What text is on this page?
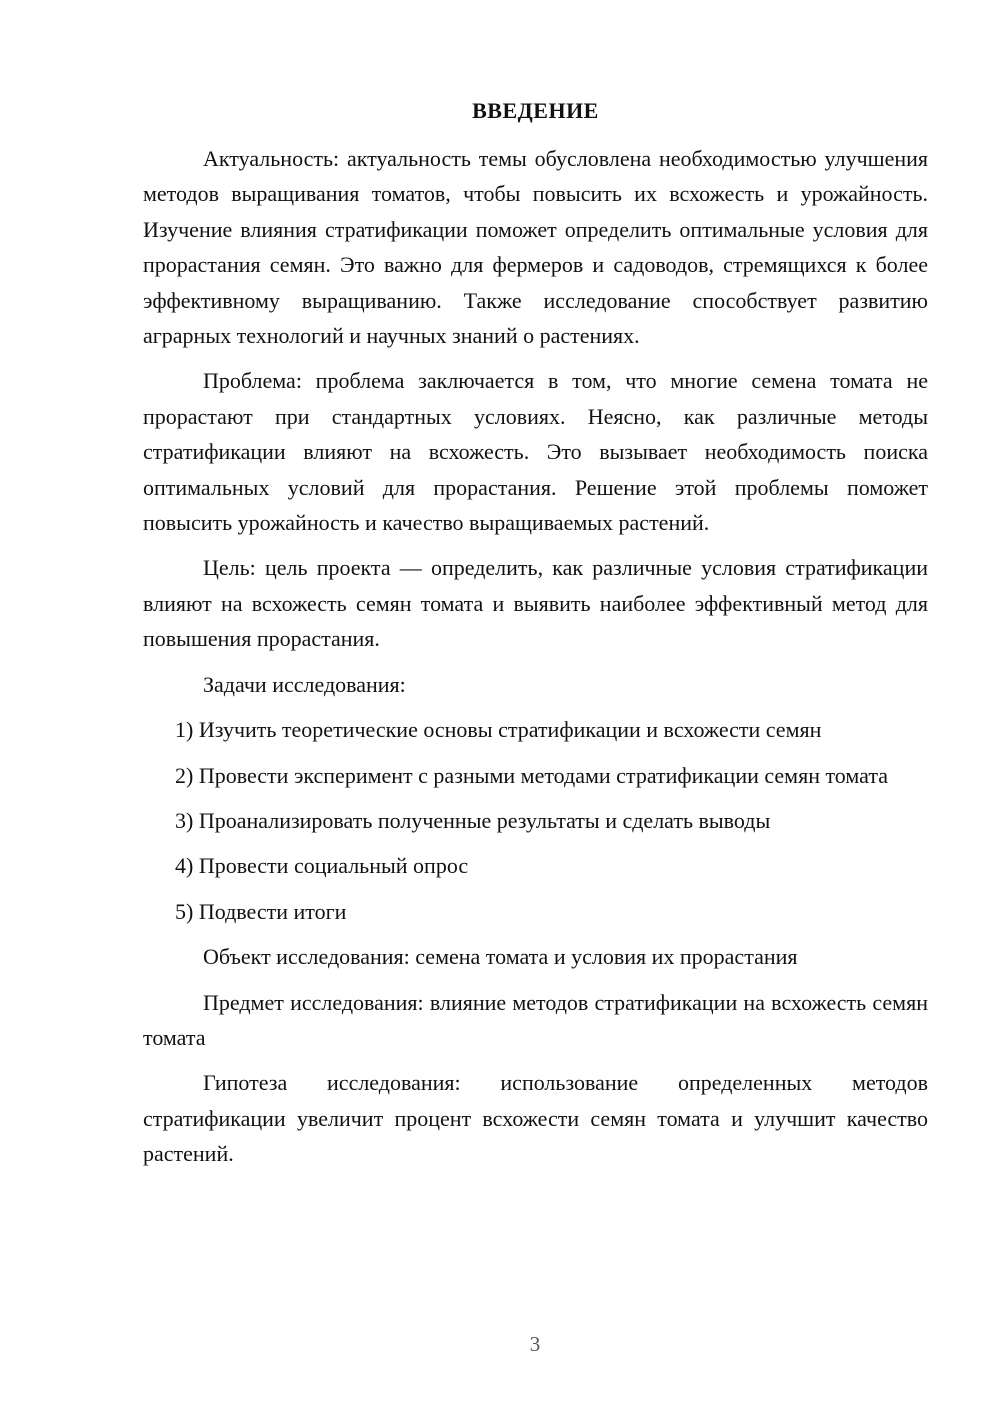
ВВЕДЕНИЕ

Актуальность: актуальность темы обусловлена необходимостью улучшения методов выращивания томатов, чтобы повысить их всхожесть и урожайность. Изучение влияния стратификации поможет определить оптимальные условия для прорастания семян. Это важно для фермеров и садоводов, стремящихся к более эффективному выращиванию. Также исследование способствует развитию аграрных технологий и научных знаний о растениях.

Проблема: проблема заключается в том, что многие семена томата не прорастают при стандартных условиях. Неясно, как различные методы стратификации влияют на всхожесть. Это вызывает необходимость поиска оптимальных условий для прорастания. Решение этой проблемы поможет повысить урожайность и качество выращиваемых растений.

Цель: цель проекта — определить, как различные условия стратификации влияют на всхожесть семян томата и выявить наиболее эффективный метод для повышения прорастания.

Задачи исследования:

1) Изучить теоретические основы стратификации и всхожести семян

2) Провести эксперимент с разными методами стратификации семян томата

3) Проанализировать полученные результаты и сделать выводы

4) Провести социальный опрос

5) Подвести итоги

Объект исследования: семена томата и условия их прорастания

Предмет исследования: влияние методов стратификации на всхожесть семян томата

Гипотеза исследования: использование определенных методов стратификации увеличит процент всхожести семян томата и улучшит качество растений.

3
